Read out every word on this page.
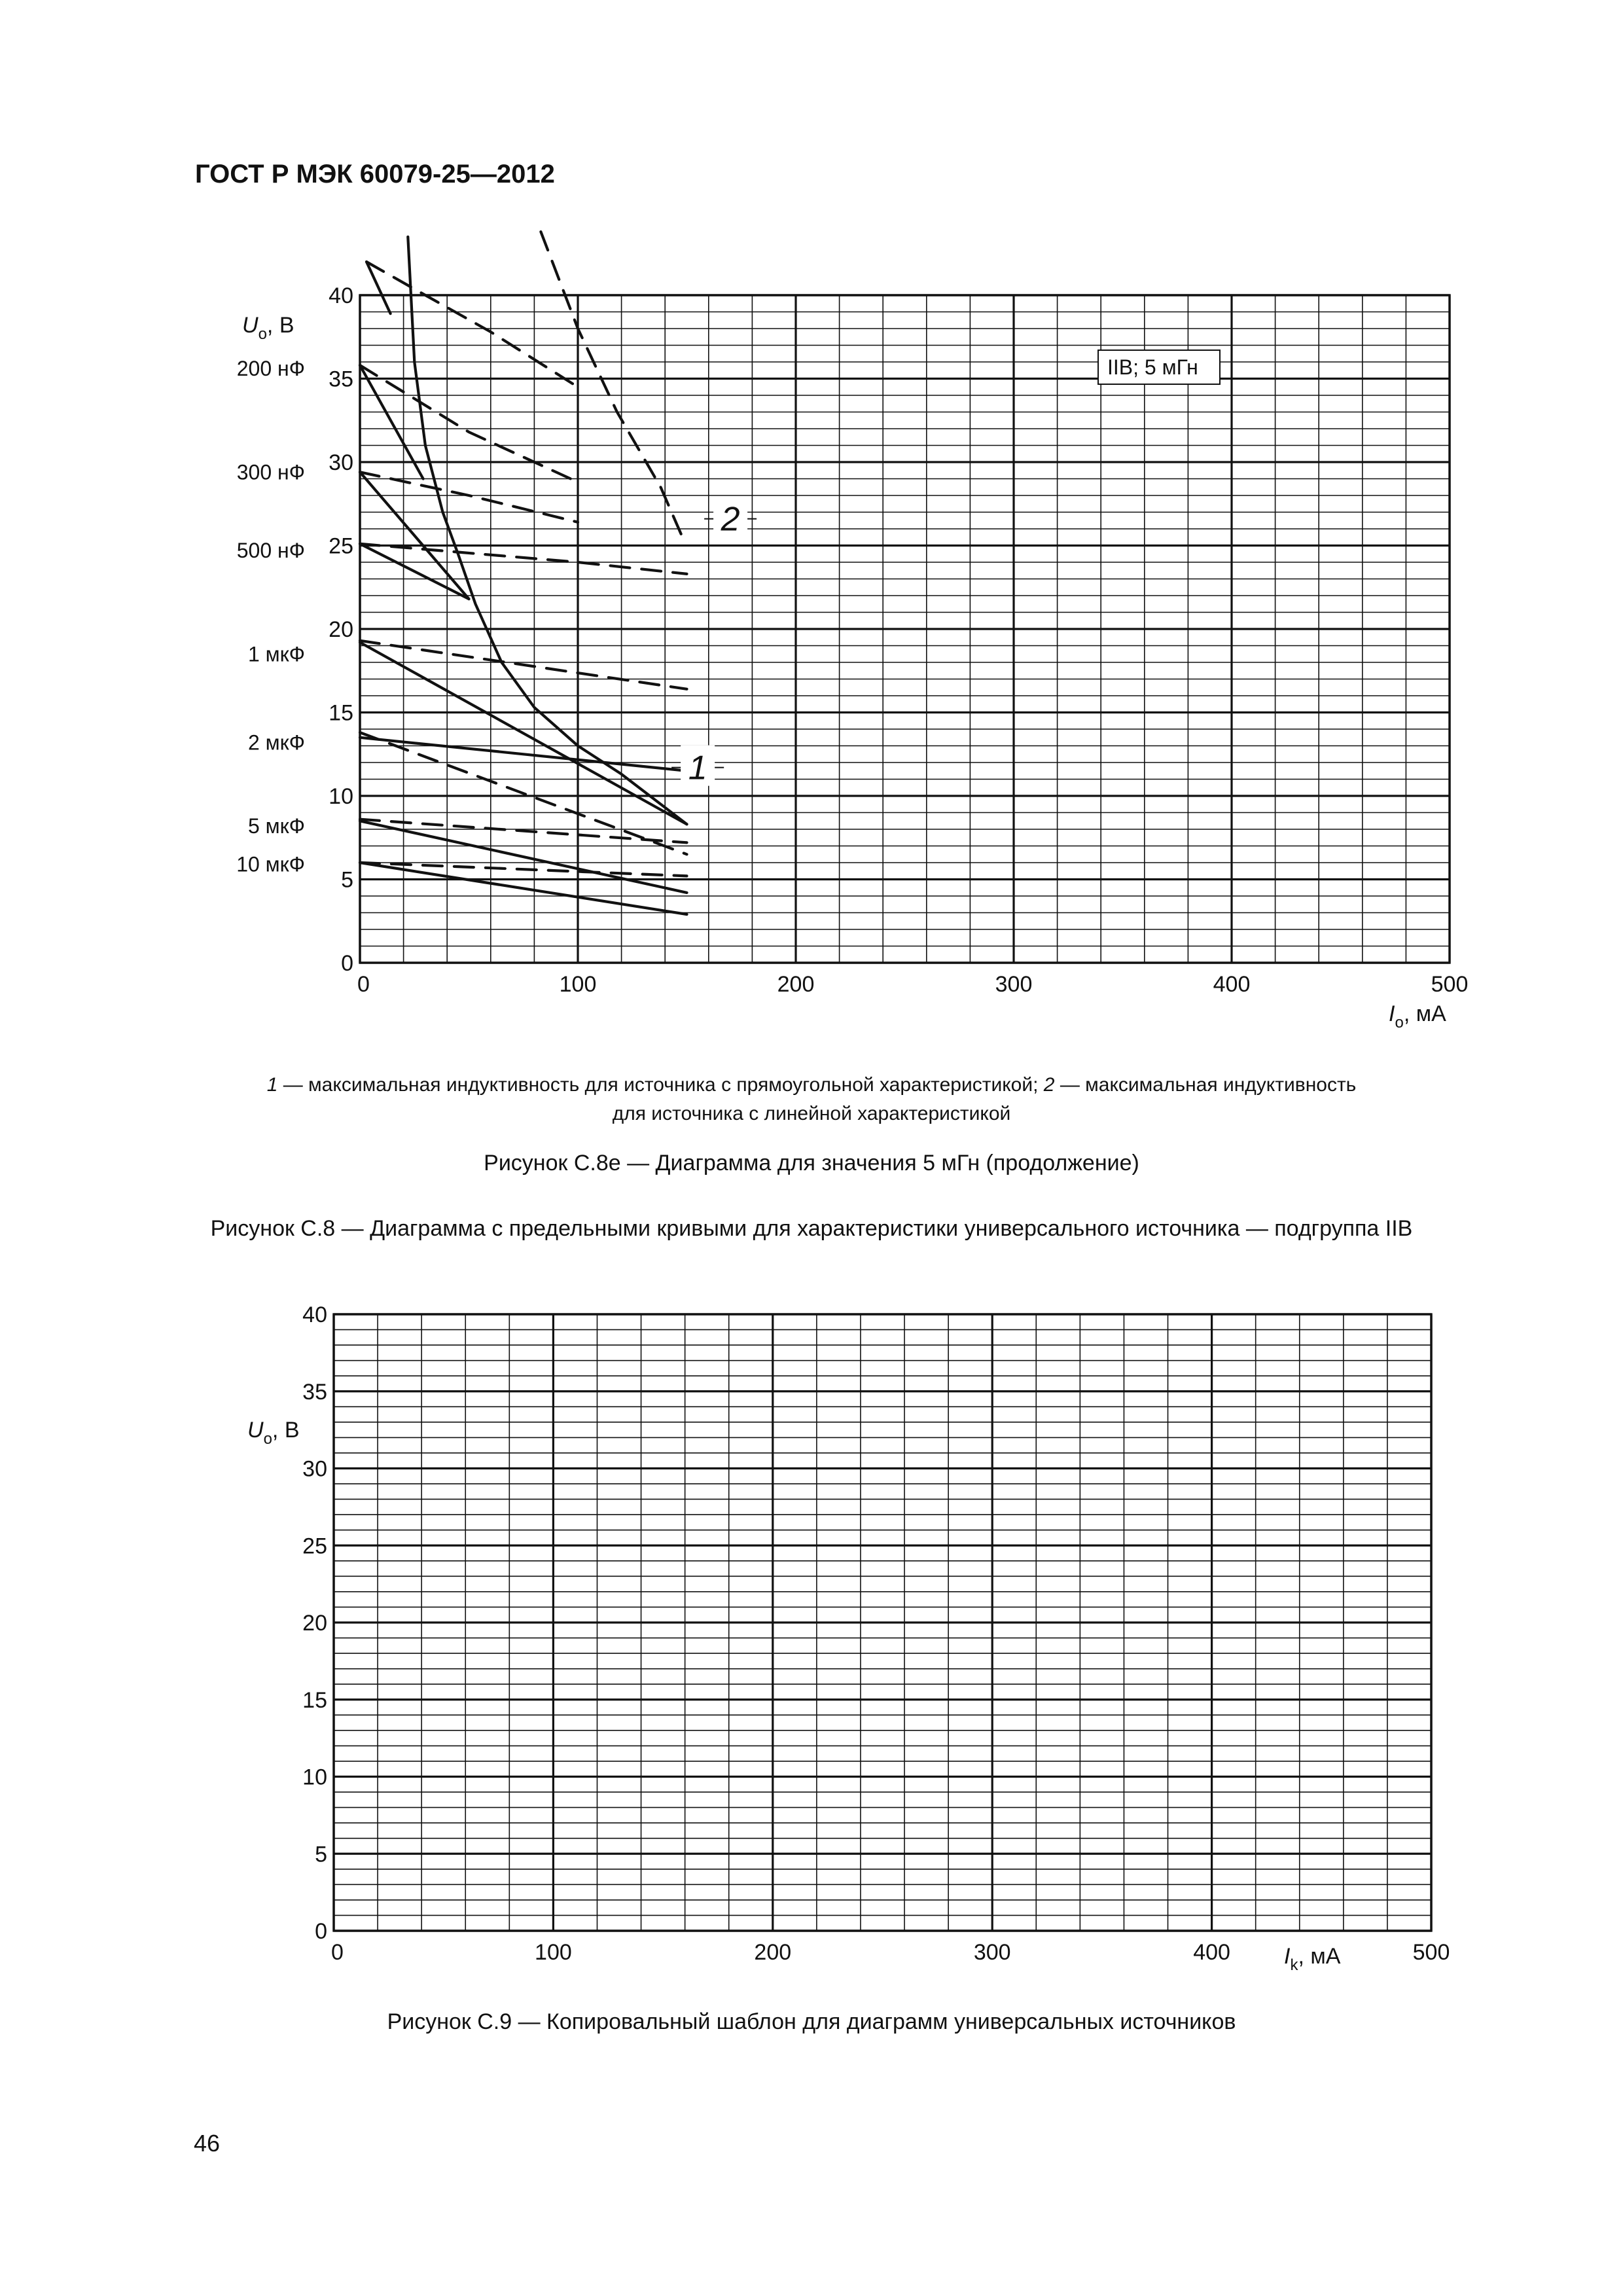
ГОСТ Р МЭК 60079-25—2012
0	100	200	300	400	500
0
5
10
15
20
25
30
35
40
200 нФ
300 нФ
500 нФ
1 мкФ
2 мкФ
5 мкФ
10 мкФ
$U_o$, В
$I_o$, мА
IIB; 5 мГн
1
2
1 — максимальная индуктивность для источника с прямоугольной характеристикой; 2 — максимальная индуктивность
для источника с линейной характеристикой
Рисунок С.8е — Диаграмма для значения 5 мГн (продолжение)
Рисунок С.8 — Диаграмма с предельными кривыми для характеристики универсального источника — подгруппа IIB
0	100	200	300	400	500
0
5
10
15
20
25
30
35
40
$U_o$, В
$I_k$, мА
Рисунок С.9 — Копировальный шаблон для диаграмм универсальных источников
46
